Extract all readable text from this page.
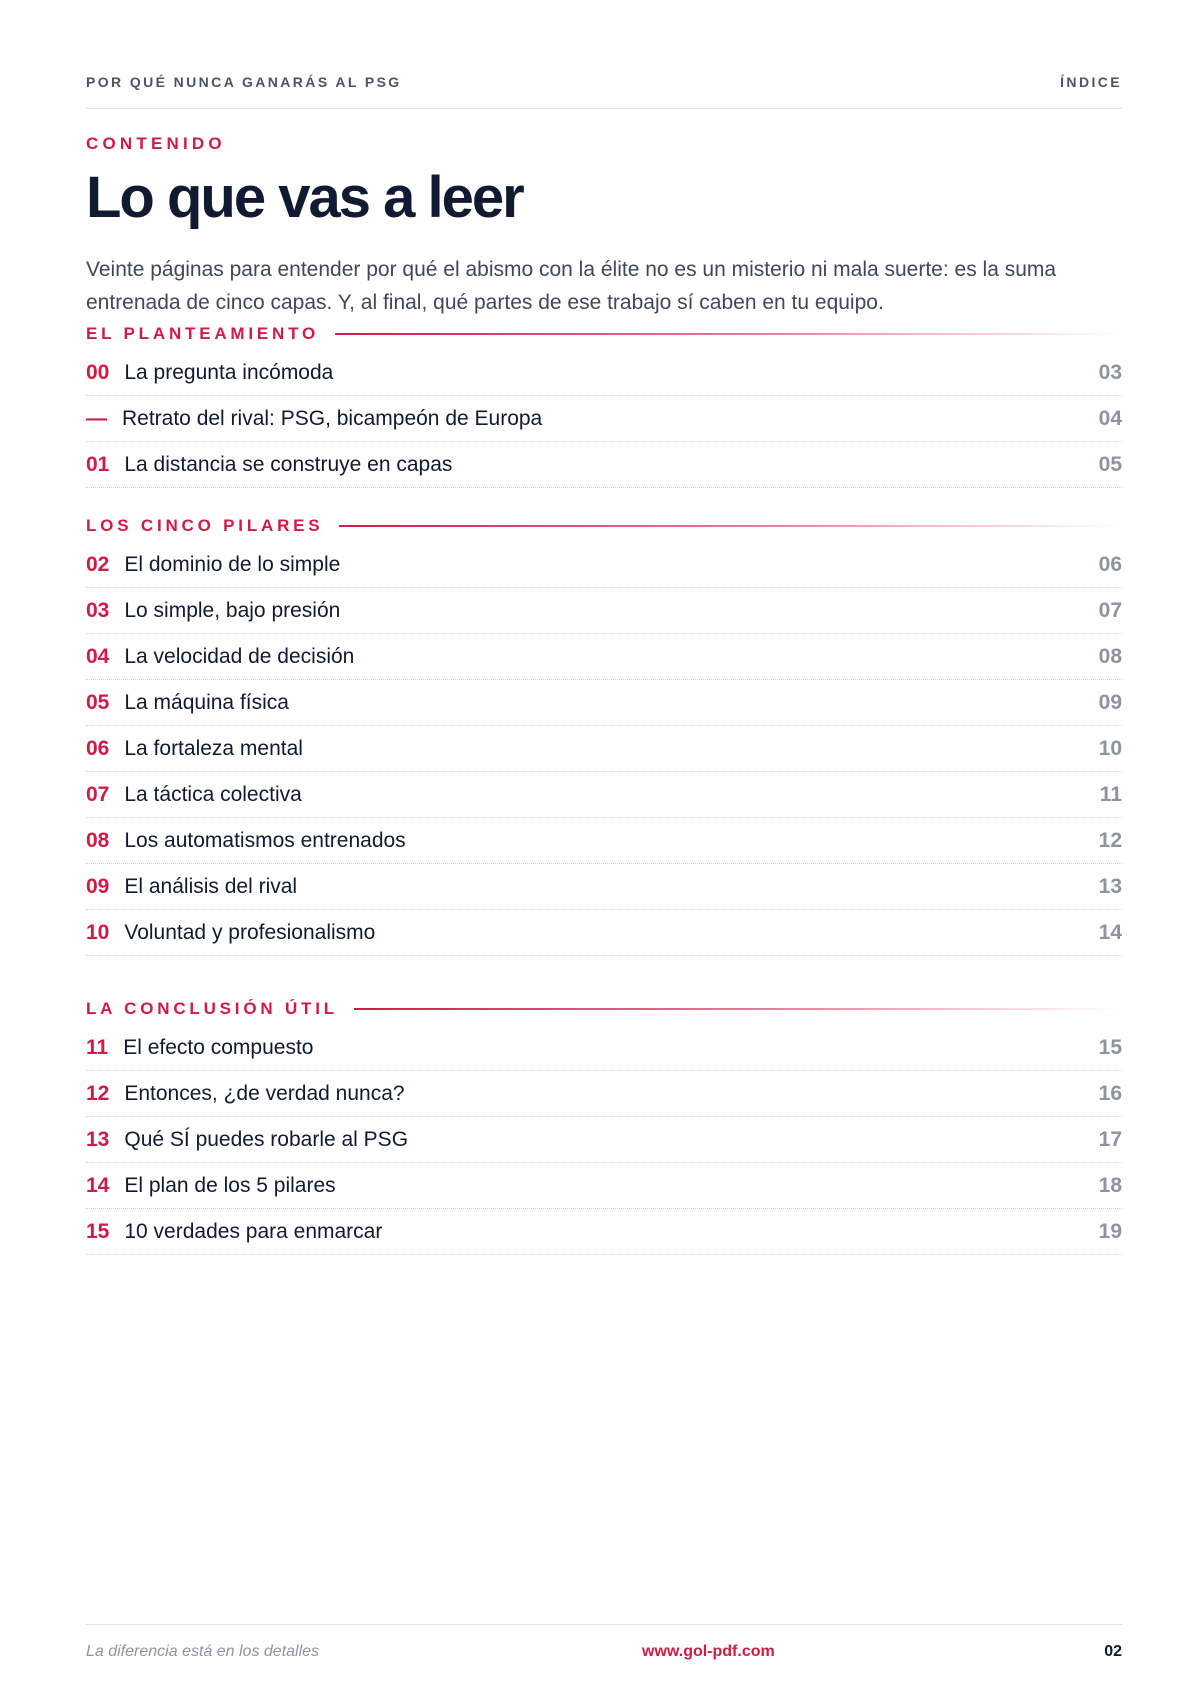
POR QUÉ NUNCA GANARÁS AL PSG	ÍNDICE
CONTENIDO
Lo que vas a leer

Veinte páginas para entender por qué el abismo con la élite no es un misterio ni mala suerte: es la suma entrenada de cinco capas. Y, al final, qué partes de ese trabajo sí caben en tu equipo.

EL PLANTEAMIENTO
00 La pregunta incómoda	03
— Retrato del rival: PSG, bicampeón de Europa	04
01 La distancia se construye en capas	05
LOS CINCO PILARES
02 El dominio de lo simple	06
03 Lo simple, bajo presión	07
04 La velocidad de decisión	08
05 La máquina física	09
06 La fortaleza mental	10
07 La táctica colectiva	11
08 Los automatismos entrenados	12
09 El análisis del rival	13
10 Voluntad y profesionalismo	14
LA CONCLUSIÓN ÚTIL
11 El efecto compuesto	15
12 Entonces, ¿de verdad nunca?	16
13 Qué SÍ puedes robarle al PSG	17
14 El plan de los 5 pilares	18
15 10 verdades para enmarcar	19
La diferencia está en los detalles	www.gol-pdf.com	02
